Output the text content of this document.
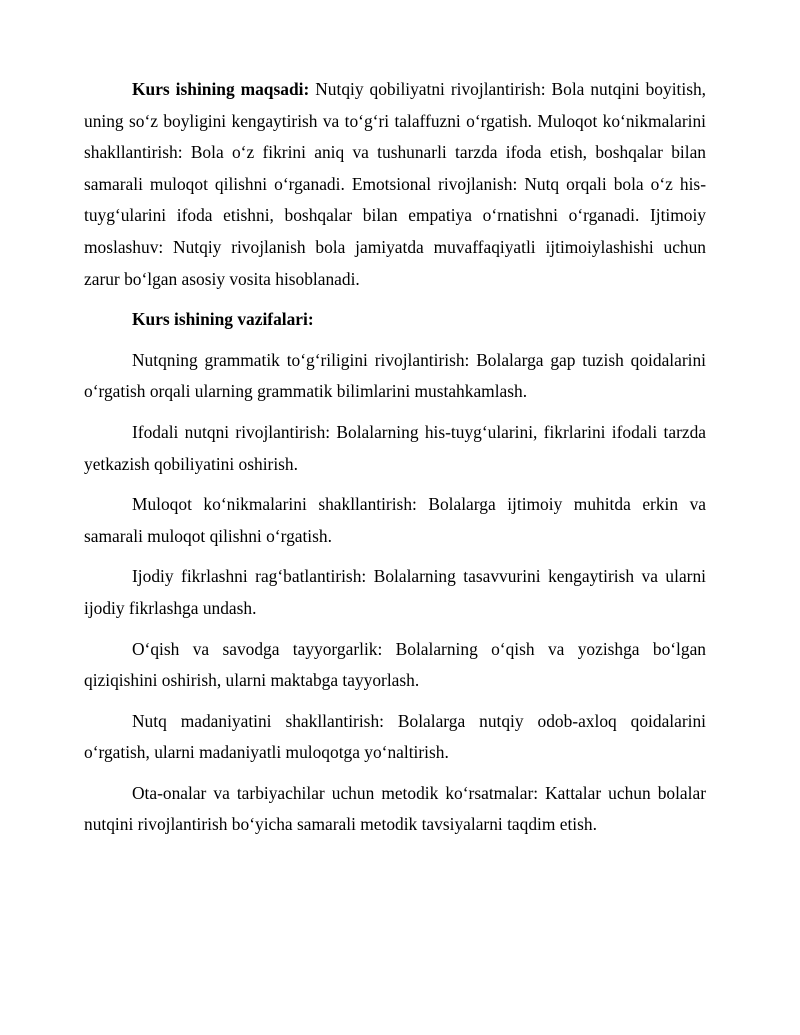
Kurs ishining maqsadi: Nutqiy qobiliyatni rivojlantirish: Bola nutqini boyitish, uning so‘z boyligini kengaytirish va to‘g‘ri talaffuzni o‘rgatish. Muloqot ko‘nikmalarini shakllantirish: Bola o‘z fikrini aniq va tushunarli tarzda ifoda etish, boshqalar bilan samarali muloqot qilishni o‘rganadi. Emotsional rivojlanish: Nutq orqali bola o‘z his-tuyg‘ularini ifoda etishni, boshqalar bilan empatiya o‘rnatishni o‘rganadi. Ijtimoiy moslashuv: Nutqiy rivojlanish bola jamiyatda muvaffaqiyatli ijtimoiylashishi uchun zarur bo‘lgan asosiy vosita hisoblanadi.

Kurs ishining vazifalari:

Nutqning grammatik to‘g‘riligini rivojlantirish: Bolalarga gap tuzish qoidalarini o‘rgatish orqali ularning grammatik bilimlarini mustahkamlash.

Ifodali nutqni rivojlantirish: Bolalarning his-tuyg‘ularini, fikrlarini ifodali tarzda yetkazish qobiliyatini oshirish.

Muloqot ko‘nikmalarini shakllantirish: Bolalarga ijtimoiy muhitda erkin va samarali muloqot qilishni o‘rgatish.

Ijodiy fikrlashni rag‘batlantirish: Bolalarning tasavvurini kengaytirish va ularni ijodiy fikrlashga undash.

O‘qish va savodga tayyorgarlik: Bolalarning o‘qish va yozishga bo‘lgan qiziqishini oshirish, ularni maktabga tayyorlash.

Nutq madaniyatini shakllantirish: Bolalarga nutqiy odob-axloq qoidalarini o‘rgatish, ularni madaniyatli muloqotga yo‘naltirish.

Ota-onalar va tarbiyachilar uchun metodik ko‘rsatmalar: Kattalar uchun bolalar nutqini rivojlantirish bo‘yicha samarali metodik tavsiyalarni taqdim etish.
